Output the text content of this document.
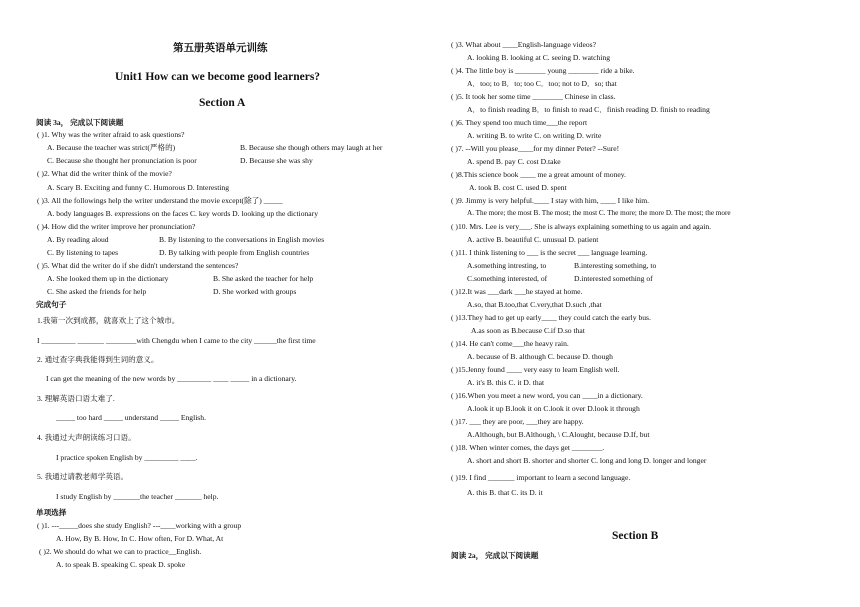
第五册英语单元训练
Unit1 How can we become good learners?
Section A
阅读 3a， 完成以下阅读题
( )1. Why was the writer afraid to ask questions?
A. Because the teacher was strict(严格的)	B. Because she though others may laugh at her
C. Because she thought her pronunciation is poor	D. Because she was shy
( )2. What did the writer think of the movie?
A. Scary B. Exciting and funny C. Humorous D. Interesting
( )3. All the followings help the writer understand the movie except(除了) _____
A. body languages B. expressions on the faces C. key words D. looking up the dictionary
( )4. How did the writer improve her pronunciation?
A. By reading aloud	B. By listening to the conversations in English movies
C. By listening to tapes	D. By talking with people from English countries
( )5. What did the writer do if she didn't understand the sentences?
A. She looked them up in the dictionary	B. She asked the teacher for help
C. She asked the friends for help	D. She worked with groups
完成句子
1.我第一次到成都，就喜欢上了这个城市。
I _________ _______ ________with Chengdu when I came to the city ______the first time
2. 通过查字典我能得到生词的意义。
I can get the meaning of the new words by _________ ____ _____ in a dictionary.
3. 理解英语口语太难了.
_____ too hard _____ understand _____ English.
4. 我通过大声朗读练习口语。
I practice spoken English by _________ ____.
5. 我通过请教老师学英语。
I study English by _______the teacher _______ help.
单项选择
( )1. ---_____does she study English? ---____working with a group
A. How, By B. How, In C. How often, For D. What, At
( )2. We should do what we can to practice__English.
A. to speak B. speaking C. speak D. spoke
( )3. What about ____English-language videos?
A. looking B. looking at C. seeing D. watching
( )4. The little boy is ________ young ________ ride a bike.
A．too; to B．to; too C．too; not to D．so; that
( )5. It took her some time ________ Chinese in class.
A．to finish reading B．to finish to read C．finish reading D. finish to reading
( )6. They spend too much time___the report
A. writing B. to write C. on writing D. write
( )7. --Will you please____for my dinner Peter? --Sure!
A. spend B. pay C. cost D.take
( )8.This science book ____ me a great amount of money.
A. took B. cost C. used D. spent
( )9. Jimmy is very helpful.____ I stay with him, ____ I like him.
A. The more; the most B. The most; the most C. The more; the more D. The most; the more
( )10. Mrs. Lee is very___. She is always explaining something to us again and again.
A. active B. beautiful C. unusual D. patient
( )11. I think listening to ___ is the secret ___ language learning.
A.something intresting, to	B.interesting something, to
C.something interested, of	D.interested something of
( )12.It was ___dark ___he stayed at home.
A.so, that B.too,that C.very,that D.such ,that
( )13.They had to get up early____ they could catch the early bus.
A.as soon as B.because C.if D.so that
( )14. He can't come___the heavy rain.
A. because of B. although C. because D. though
( )15.Jenny found ____ very easy to learn English well.
A. it's B. this C. it D. that
( )16.When you meet a new word, you can ____in a dictionary.
A.look it up B.look it on C.look it over D.look it through
( )17. ___ they are poor, ___they are happy.
A.Although, but B.Although, \ C.Alought, because D.If, but
( )18. When winter comes, the days get ________.
A. short and short B. shorter and shorter C. long and long D. longer and longer
( )19. I find _______ important to learn a second language.
A. this B. that C. its D. it
Section B
阅读 2a， 完成以下阅读题
